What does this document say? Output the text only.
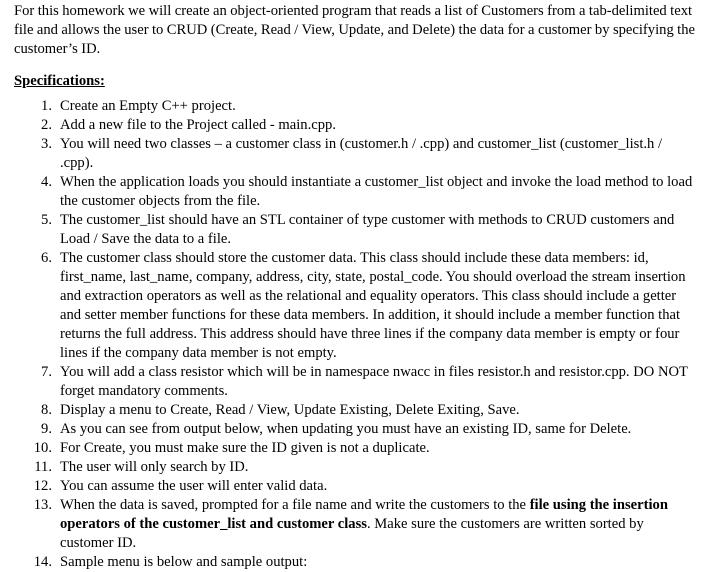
For this homework we will create an object-oriented program that reads a list of Customers from a tab-delimited text file and allows the user to CRUD (Create, Read / View, Update, and Delete) the data for a customer by specifying the customer’s ID.

Specifications:
1. Create an Empty C++ project.
2. Add a new file to the Project called - main.cpp.
3. You will need two classes – a customer class in (customer.h / .cpp) and customer_list (customer_list.h / .cpp).
4. When the application loads you should instantiate a customer_list object and invoke the load method to load the customer objects from the file.
5. The customer_list should have an STL container of type customer with methods to CRUD customers and Load / Save the data to a file.
6. The customer class should store the customer data. This class should include these data members: id, first_name, last_name, company, address, city, state, postal_code. You should overload the stream insertion and extraction operators as well as the relational and equality operators. This class should include a getter and setter member functions for these data members. In addition, it should include a member function that returns the full address. This address should have three lines if the company data member is empty or four lines if the company data member is not empty.
7. You will add a class resistor which will be in namespace nwacc in files resistor.h and resistor.cpp. DO NOT forget mandatory comments.
8. Display a menu to Create, Read / View, Update Existing, Delete Exiting, Save.
9. As you can see from output below, when updating you must have an existing ID, same for Delete.
10. For Create, you must make sure the ID given is not a duplicate.
11. The user will only search by ID.
12. You can assume the user will enter valid data.
13. When the data is saved, prompted for a file name and write the customers to the file using the insertion operators of the customer_list and customer class. Make sure the customers are written sorted by customer ID.
14. Sample menu is below and sample output:
